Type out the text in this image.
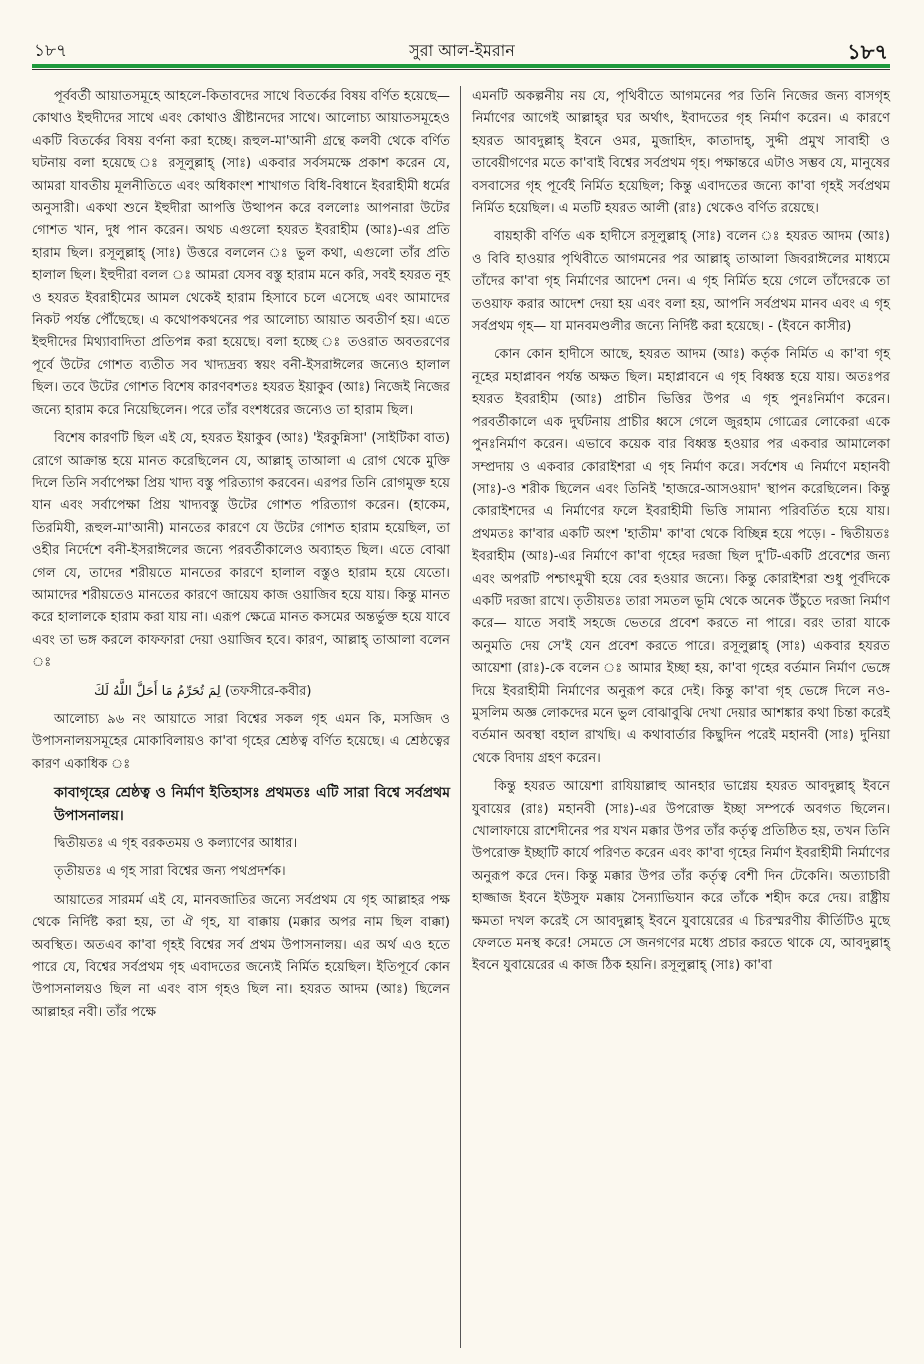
১৮৭	সুরা আল-ইমরান	১৮৭

পূর্ববর্তী আয়াতসমূহে আহলে-কিতাবদের সাথে বিতর্কের বিষয় বর্ণিত হয়েছে— কোথাও ইহুদীদের সাথে এবং কোথাও খ্রীষ্টানদের সাথে। আলোচ্য আয়াতসমূহেও একটি বিতর্কের বিষয় বর্ণনা করা হচ্ছে। রূহুল-মা'আনী গ্রন্থে কলবী থেকে বর্ণিত ঘটনায় বলা হয়েছে ঃ রসূলুল্লাহ্ (সাঃ) একবার সর্বসমক্ষে প্রকাশ করেন যে, আমরা যাবতীয় মূলনীতিতে এবং অধিকাংশ শাখাগত বিধি-বিধানে ইবরাহীমী ধর্মের অনুসারী। একথা শুনে ইহুদীরা আপত্তি উত্থাপন করে বললোঃ আপনারা উটের গোশত খান, দুধ পান করেন। অথচ এগুলো হযরত ইবরাহীম (আঃ)-এর প্রতি হারাম ছিল। রসূলুল্লাহ্ (সাঃ) উত্তরে বললেন ঃ ভুল কথা, এগুলো তাঁর প্রতি হালাল ছিল। ইহুদীরা বলল ঃ আমরা যেসব বস্তু হারাম মনে করি, সবই হযরত নূহ ও হযরত ইবরাহীমের আমল থেকেই হারাম হিসাবে চলে এসেছে এবং আমাদের নিকট পর্যন্ত পৌঁছেছে। এ কথোপকথনের পর আলোচ্য আয়াত অবতীর্ণ হয়। এতে ইহুদীদের মিথ্যাবাদিতা প্রতিপন্ন করা হয়েছে। বলা হচ্ছে ঃ তওরাত অবতরণের পূর্বে উটের গোশত ব্যতীত সব খাদ্যদ্রব্য স্বয়ং বনী-ইসরাঈলের জন্যেও হালাল ছিল। তবে উটের গোশত বিশেষ কারণবশতঃ হযরত ইয়াকুব (আঃ) নিজেই নিজের জন্যে হারাম করে নিয়েছিলেন। পরে তাঁর বংশধরের জন্যেও তা হারাম ছিল।

বিশেষ কারণটি ছিল এই যে, হযরত ইয়াকুব (আঃ) 'ইরকুন্নিসা' (সাইটিকা বাত) রোগে আক্রান্ত হয়ে মানত করেছিলেন যে, আল্লাহ্ তাআলা এ রোগ থেকে মুক্তি দিলে তিনি সর্বাপেক্ষা প্রিয় খাদ্য বস্তু পরিত্যাগ করবেন। এরপর তিনি রোগমুক্ত হয়ে যান এবং সর্বাপেক্ষা প্রিয় খাদ্যবস্তু উটের গোশত পরিত্যাগ করেন। (হাকেম, তিরমিযী, রূহুল-মা'আনী) মানতের কারণে যে উটের গোশত হারাম হয়েছিল, তা ওহীর নির্দেশে বনী-ইসরাঈলের জন্যে পরবর্তীকালেও অব্যাহত ছিল। এতে বোঝা গেল যে, তাদের শরীয়তে মানতের কারণে হালাল বস্তুও হারাম হয়ে যেতো। আমাদের শরীয়তেও মানতের কারণে জায়েয কাজ ওয়াজিব হয়ে যায়। কিন্তু মানত করে হালালকে হারাম করা যায় না। এরূপ ক্ষেত্রে মানত কসমের অন্তর্ভুক্ত হয়ে যাবে এবং তা ভঙ্গ করলে কাফফারা দেয়া ওয়াজিব হবে। কারণ, আল্লাহ্ তাআলা বলেন ঃ

لِمَ تُحَرِّمُ مَا أَحَلَّ اللَّهُ لَكَ (তফসীরে-কবীর)

আলোচ্য ৯৬ নং আয়াতে সারা বিশ্বের সকল গৃহ এমন কি, মসজিদ ও উপাসনালয়সমূহের মোকাবিলায়ও কা'বা গৃহের শ্রেষ্ঠত্ব বর্ণিত হয়েছে। এ শ্রেষ্ঠত্বের কারণ একাধিক ঃ

কাবাগৃহের শ্রেষ্ঠত্ব ও নির্মাণ ইতিহাসঃ প্রথমতঃ এটি সারা বিশ্বে সর্বপ্রথম উপাসনালয়।

দ্বিতীয়তঃ এ গৃহ বরকতময় ও কল্যাণের আধার।

তৃতীয়তঃ এ গৃহ সারা বিশ্বের জন্য পথপ্রদর্শক।

আয়াতের সারমর্ম এই যে, মানবজাতির জন্যে সর্বপ্রথম যে গৃহ আল্লাহর পক্ষ থেকে নির্দিষ্ট করা হয়, তা ঐ গৃহ, যা বাক্কায় (মক্কার অপর নাম ছিল বাক্কা) অবস্থিত। অতএব কা'বা গৃহই বিশ্বের সর্ব প্রথম উপাসনালয়। এর অর্থ এও হতে পারে যে, বিশ্বের সর্বপ্রথম গৃহ এবাদতের জন্যেই নির্মিত হয়েছিল। ইতিপূর্বে কোন উপাসনালয়ও ছিল না এবং বাস গৃহও ছিল না। হযরত আদম (আঃ) ছিলেন আল্লাহর নবী। তাঁর পক্ষে

এমনটি অকল্পনীয় নয় যে, পৃথিবীতে আগমনের পর তিনি নিজের জন্য বাসগৃহ নির্মাণের আগেই আল্লাহ্‌র ঘর অর্থাৎ, ইবাদতের গৃহ নির্মাণ করেন। এ কারণে হযরত আবদুল্লাহ্ ইবনে ওমর, মুজাহিদ, কাতাদাহ্, সুদ্দী প্রমুখ সাবাহী ও তাবেয়ীগণের মতে কা'বাই বিশ্বের সর্বপ্রথম গৃহ। পক্ষান্তরে এটাও সম্ভব যে, মানুষের বসবাসের গৃহ পূর্বেই নির্মিত হয়েছিল; কিন্তু এবাদতের জন্যে কা'বা গৃহই সর্বপ্রথম নির্মিত হয়েছিল। এ মতটি হযরত আলী (রাঃ) থেকেও বর্ণিত রয়েছে।

বায়হাকী বর্ণিত এক হাদীসে রসূলুল্লাহ্ (সাঃ) বলেন ঃ হযরত আদম (আঃ) ও বিবি হাওয়ার পৃথিবীতে আগমনের পর আল্লাহ্ তাআলা জিবরাঈলের মাধ্যমে তাঁদের কা'বা গৃহ নির্মাণের আদেশ দেন। এ গৃহ নির্মিত হয়ে গেলে তাঁদেরকে তা তওয়াফ করার আদেশ দেয়া হয় এবং বলা হয়, আপনি সর্বপ্রথম মানব এবং এ গৃহ সর্বপ্রথম গৃহ— যা মানবমণ্ডলীর জন্যে নির্দিষ্ট করা হয়েছে। - (ইবনে কাসীর)

কোন কোন হাদীসে আছে, হযরত আদম (আঃ) কর্তৃক নির্মিত এ কা'বা গৃহ নূহের মহাপ্লাবন পর্যন্ত অক্ষত ছিল। মহাপ্লাবনে এ গৃহ বিধ্বস্ত হয়ে যায়। অতঃপর হযরত ইবরাহীম (আঃ) প্রাচীন ভিত্তির উপর এ গৃহ পুনঃনির্মাণ করেন। পরবর্তীকালে এক দুর্ঘটনায় প্রাচীর ধ্বসে গেলে জুরহাম গোত্রের লোকেরা একে পুনঃনির্মাণ করেন। এভাবে কয়েক বার বিধ্বস্ত হওয়ার পর একবার আমালেকা সম্প্রদায় ও একবার কোরাইশরা এ গৃহ নির্মাণ করে। সর্বশেষ এ নির্মাণে মহানবী (সাঃ)-ও শরীক ছিলেন এবং তিনিই 'হাজরে-আসওয়াদ' স্থাপন করেছিলেন। কিন্তু কোরাইশদের এ নির্মাণের ফলে ইবরাহীমী ভিত্তি সামান্য পরিবর্তিত হয়ে যায়। প্রথমতঃ কা'বার একটি অংশ 'হাতীম' কা'বা থেকে বিচ্ছিন্ন হয়ে পড়ে। - দ্বিতীয়তঃ ইবরাহীম (আঃ)-এর নির্মাণে কা'বা গৃহের দরজা ছিল দু'টি-একটি প্রবেশের জন্য এবং অপরটি পশ্চাৎমুখী হয়ে বের হওয়ার জন্যে। কিন্তু কোরাইশরা শুধু পূর্বদিকে একটি দরজা রাখে। তৃতীয়তঃ তারা সমতল ভূমি থেকে অনেক উঁচুতে দরজা নির্মাণ করে— যাতে সবাই সহজে ভেতরে প্রবেশ করতে না পারে। বরং তারা যাকে অনুমতি দেয় সে'ই যেন প্রবেশ করতে পারে। রসূলুল্লাহ্ (সাঃ) একবার হযরত আয়েশা (রাঃ)-কে বলেন ঃ আমার ইচ্ছা হয়, কা'বা গৃহের বর্তমান নির্মাণ ভেঙ্গে দিয়ে ইবরাহীমী নির্মাণের অনুরূপ করে দেই। কিন্তু কা'বা গৃহ ভেঙ্গে দিলে নও-মুসলিম অজ্ঞ লোকদের মনে ভুল বোঝাবুঝি দেখা দেয়ার আশঙ্কার কথা চিন্তা করেই বর্তমান অবস্থা বহাল রাখছি। এ কথাবার্তার কিছুদিন পরেই মহানবী (সাঃ) দুনিয়া থেকে বিদায় গ্রহণ করেন।

কিন্তু হযরত আয়েশা রাযিয়াল্লাহু আনহার ভাগ্নেয় হযরত আবদুল্লাহ্ ইবনে যুবায়ের (রাঃ) মহানবী (সাঃ)-এর উপরোক্ত ইচ্ছা সম্পর্কে অবগত ছিলেন। খোলাফায়ে রাশেদীনের পর যখন মক্কার উপর তাঁর কর্তৃত্ব প্রতিষ্ঠিত হয়, তখন তিনি উপরোক্ত ইচ্ছাটি কার্যে পরিণত করেন এবং কা'বা গৃহের নির্মাণ ইবরাহীমী নির্মাণের অনুরূপ করে দেন। কিন্তু মক্কার উপর তাঁর কর্তৃত্ব বেশী দিন টেকেনি। অত্যাচারী হাজ্জাজ ইবনে ইউসুফ মক্কায় সৈন্যাভিযান করে তাঁকে শহীদ করে দেয়। রাষ্ট্রীয় ক্ষমতা দখল করেই সে আবদুল্লাহ্ ইবনে যুবায়েরের এ চিরস্মরণীয় কীর্তিটিও মুছে ফেলতে মনস্থ করে! সেমতে সে জনগণের মধ্যে প্রচার করতে থাকে যে, আবদুল্লাহ্ ইবনে যুবায়েরের এ কাজ ঠিক হয়নি। রসূলুল্লাহ্ (সাঃ) কা'বা
